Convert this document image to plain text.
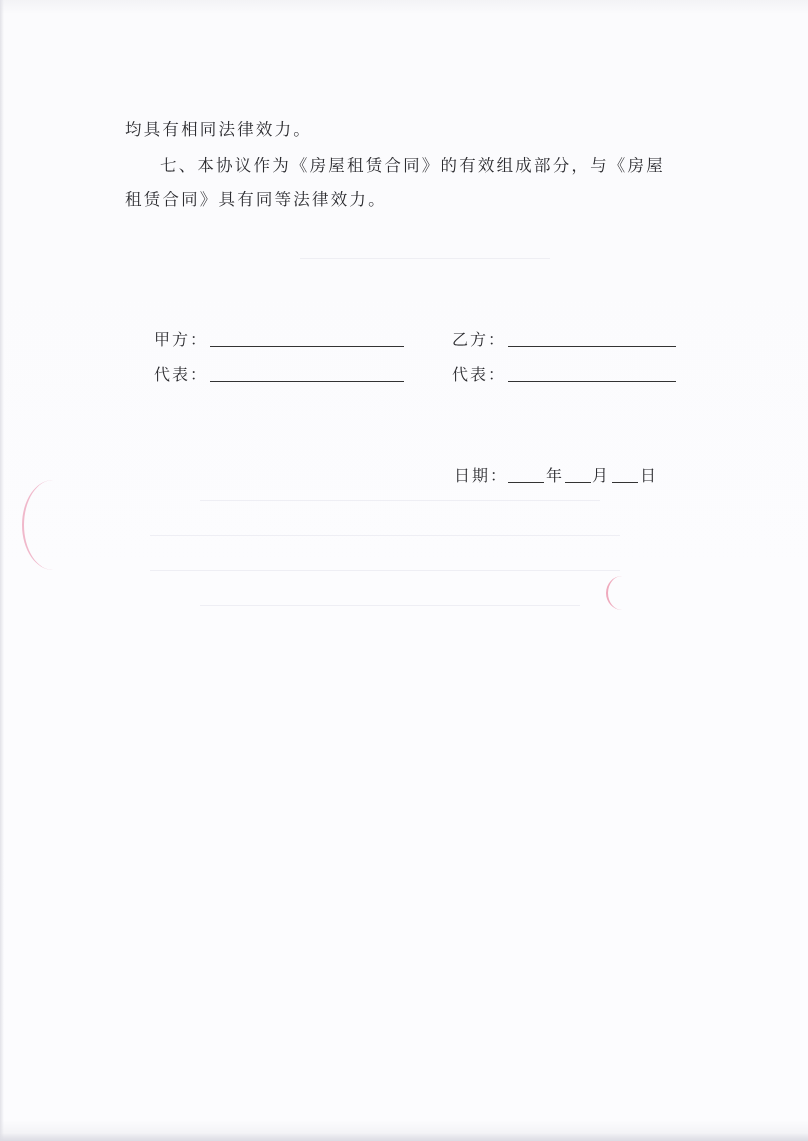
均具有相同法律效力。
七、本协议作为《房屋租赁合同》的有效组成部分，与《房屋
租赁合同》具有同等法律效力。
甲方：
代表：
乙方：
代表：
日期： 年 月 日
